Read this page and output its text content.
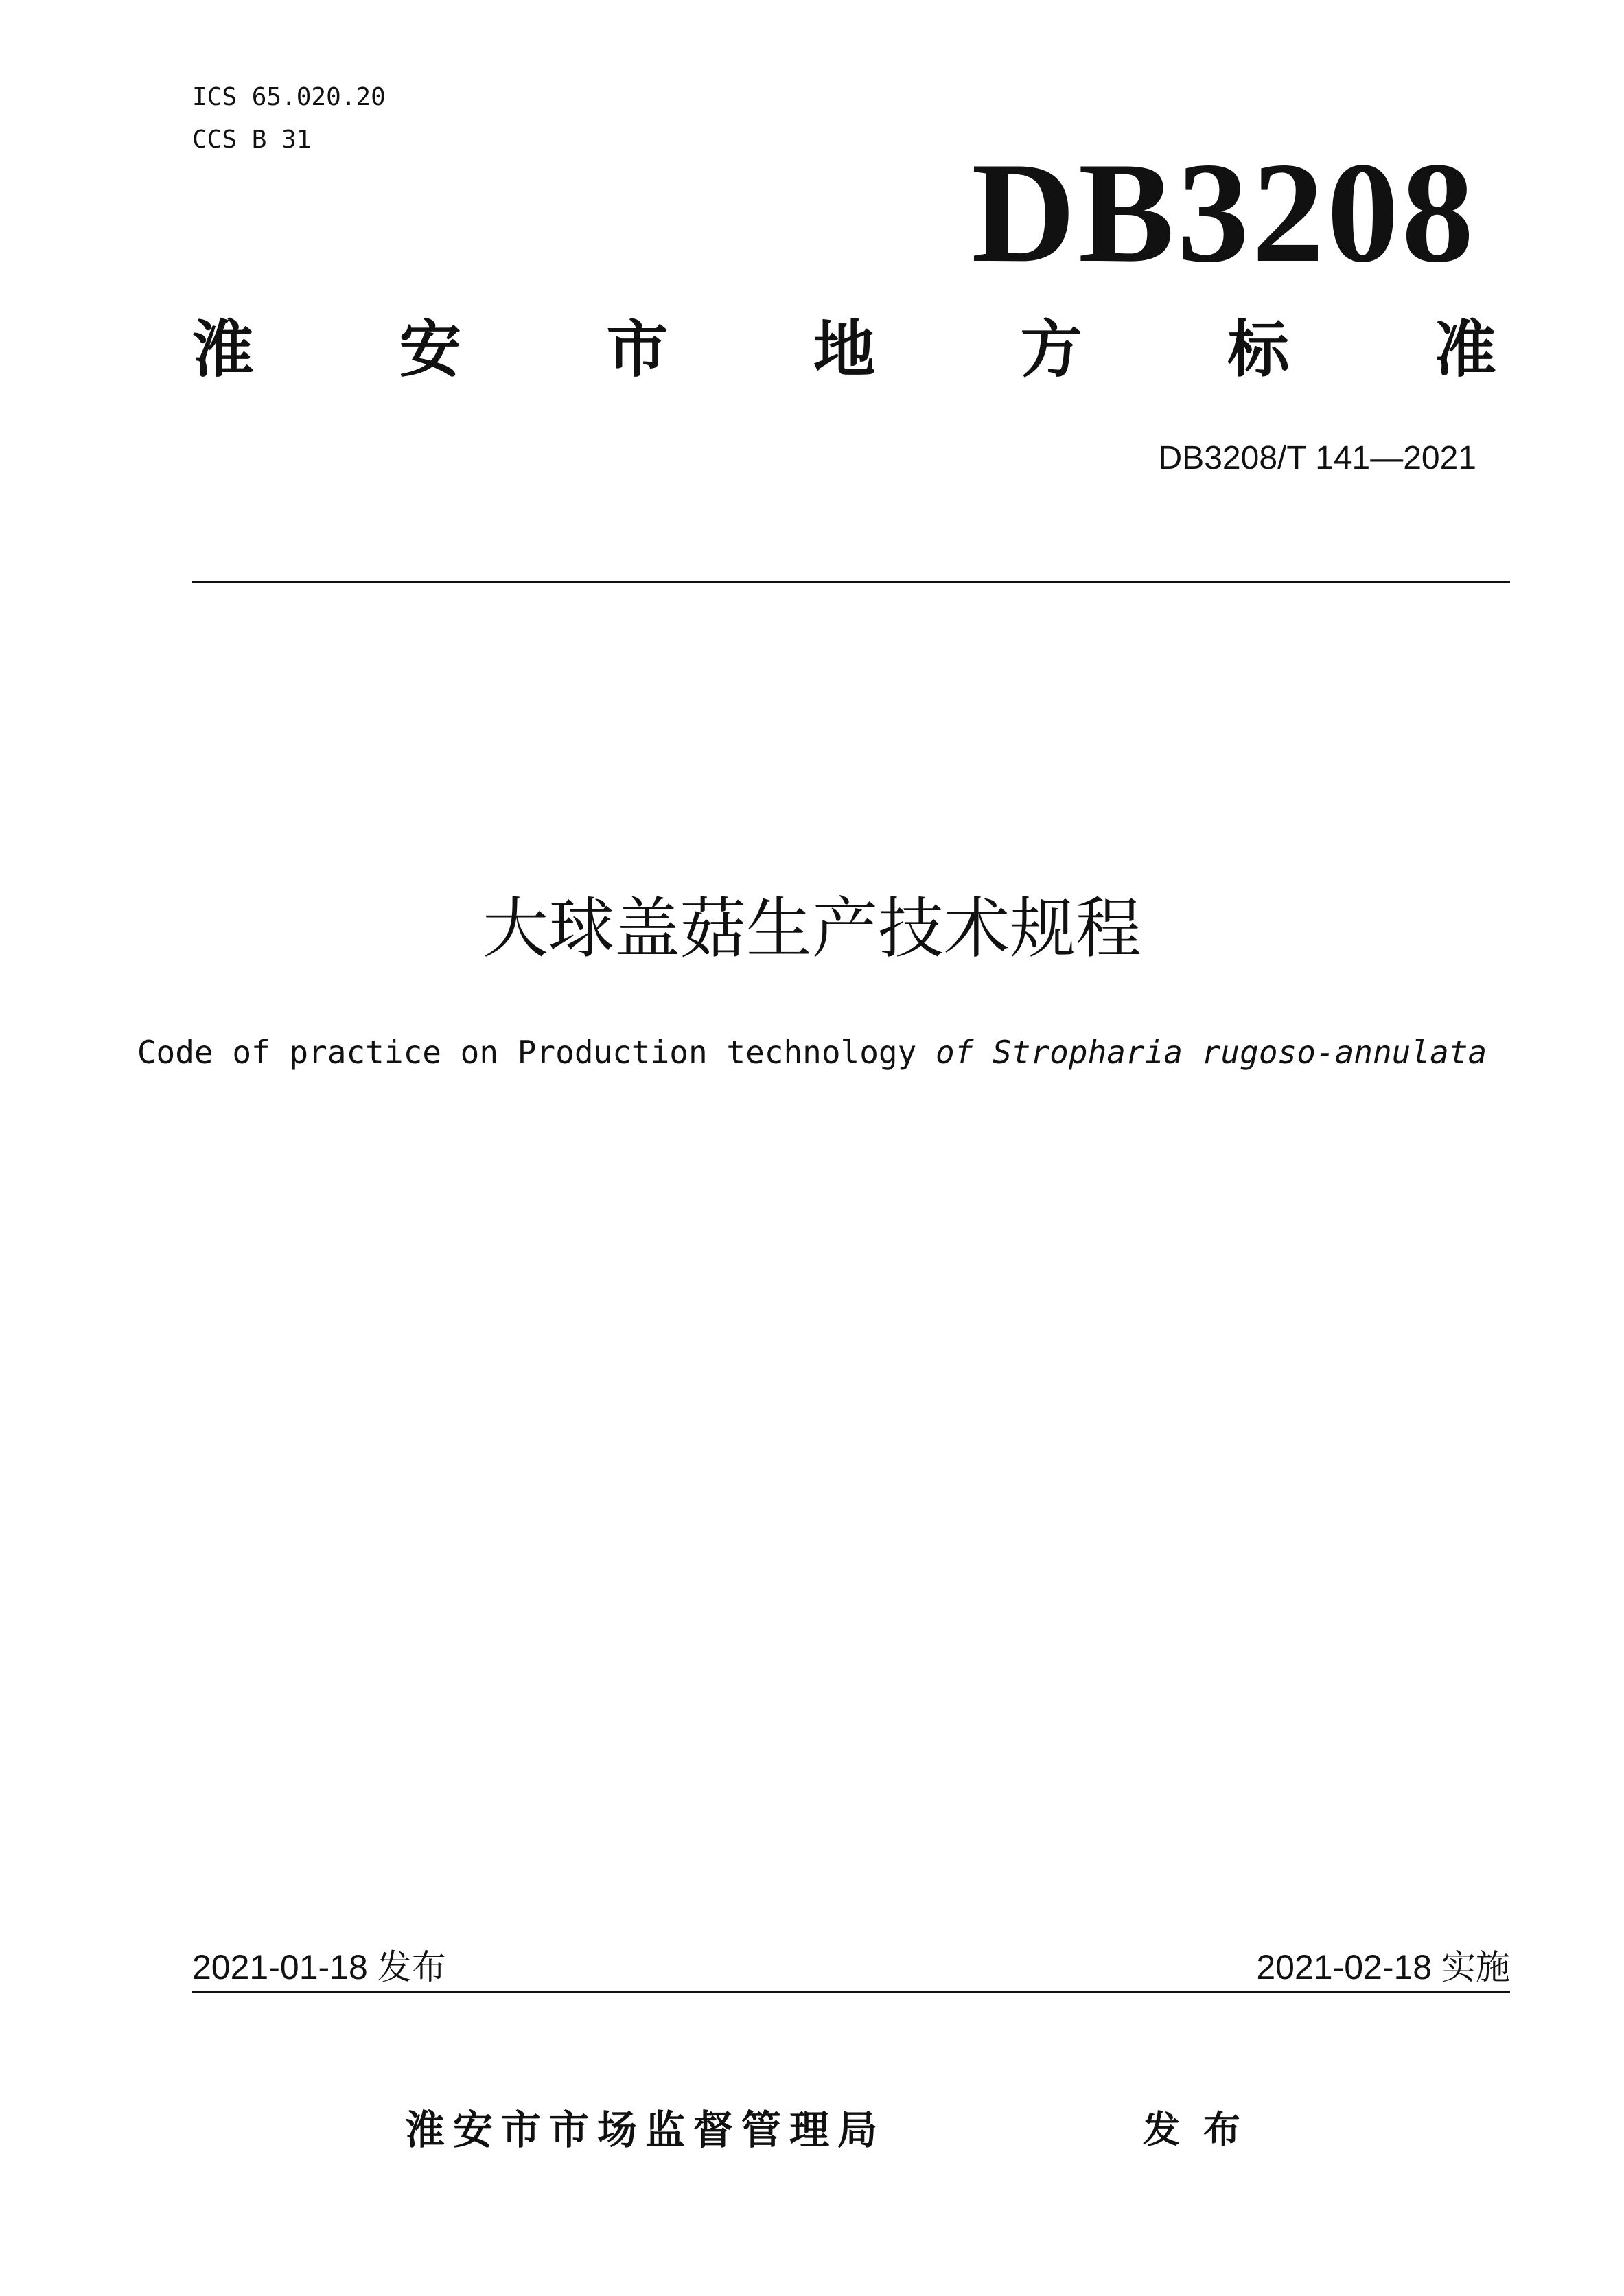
ICS 65.020.20
CCS B 31	DB3208
淮 安 市 地 方 标 准
DB3208/T 141—2021
大球盖菇生产技术规程
Code of practice on Production technology of Stropharia rugoso-annulata
2021-01-18 发布	2021-02-18 实施
淮安市市场监督管理局	发布
